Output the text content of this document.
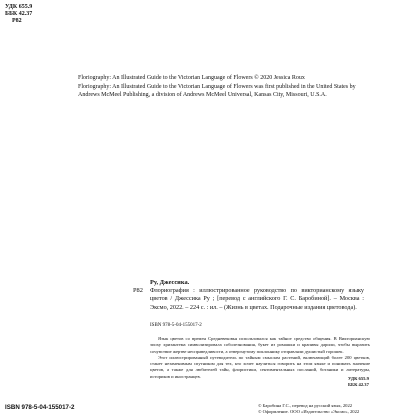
УДК 655.9
ББК 42.37
Р82

Floriography: An Illustrated Guide to the Victorian Language of Flowers © 2020 Jessica Roux

Floriography: An Illustrated Guide to the Victorian Language of Flowers was first published in the United States by Andrews McMeel Publishing, a division of Andrews McMeel Universal, Kansas City, Missouri, U.S.A.

Ру, Джессика.
Р82 Флориография : иллюстрированное руководство по викторианскому языку цветов / Джессика Ру ; [перевод с английского Г. С. Баробиной]. – Москва : Эксмо, 2022. – 224 с. : ил. – (Жизнь в цветах. Подарочные издания цветовода).

ISBN 978-5-04-155017-2

Язык цветов со времен Средневековья использовался как тайное средство общения. В Викторианскую эпоху хризантема символизировала соболезнования, букет из ромашки и крапивы дарили, чтобы выразить сочувствие жертве несправедливости, а отвергнутому поклоннику отправляли душистый горошек.

Этот иллюстрированный путеводитель по тайным смыслам растений, включающий более 200 цветков, станет незаменимым спутником для тех, кто хочет научиться говорить на этом языке и понимать значение цветов, а также для любителей тайн, флористики, сентиментальных посланий, ботаники и литературы, историков и иностранцев.	УДК 655.9
ББК 42.37
ISBN 978-5-04-155017-2	© Баробина Г.С., перевод на русский язык, 2022
© Оформление. ООО «Издательство «Эксмо», 2022
